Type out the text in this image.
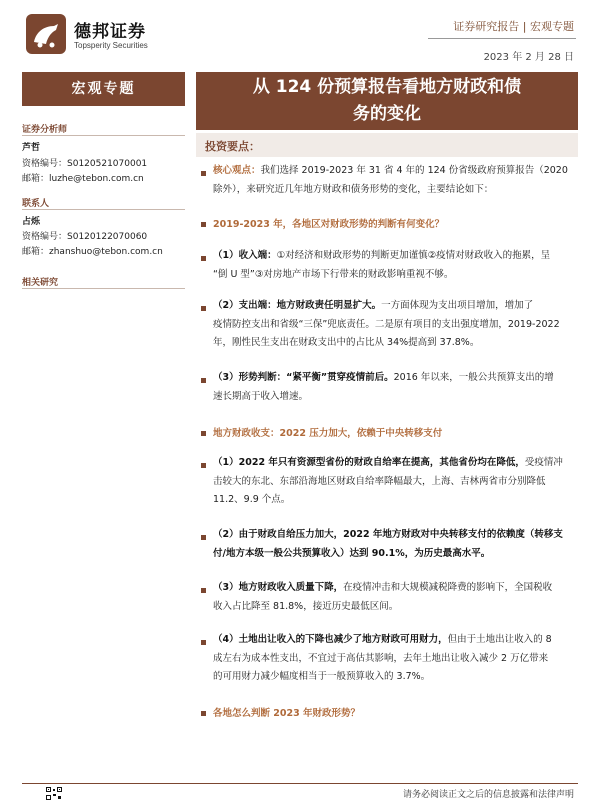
德邦证券
Topsperity Securities
证券研究报告 | 宏观专题
2023 年 2 月 28 日
宏观专题
证券分析师
芦哲
资格编号：S0120521070001
邮箱：luzhe@tebon.com.cn
联系人
占烁
资格编号：S0120122070060
邮箱：zhanshuo@tebon.com.cn
相关研究
从 124 份预算报告看地方财政和债
务的变化
投资要点：
核心观点：我们选择 2019-2023 年 31 省 4 年的 124 份省级政府预算报告（2020
除外），来研究近几年地方财政和债务形势的变化，主要结论如下：
2019-2023 年，各地区对财政形势的判断有何变化？
（1）收入端：①对经济和财政形势的判断更加谨慎②疫情对财政收入的拖累，呈
“倒 U 型”③对房地产市场下行带来的财政影响重视不够。
（2）支出端：地方财政责任明显扩大。一方面体现为支出项目增加，增加了
疫情防控支出和省级“三保”兜底责任。二是原有项目的支出强度增加，2019-2022
年，刚性民生支出在财政支出中的占比从 34%提高到 37.8%。
（3）形势判断：“紧平衡”贯穿疫情前后。2016 年以来，一般公共预算支出的增
速长期高于收入增速。
地方财政收支：2022 压力加大，依赖于中央转移支付
（1）2022 年只有资源型省份的财政自给率在提高，其他省份均在降低，受疫情冲
击较大的东北、东部沿海地区财政自给率降幅最大，上海、吉林两省市分别降低
11.2、9.9 个点。
（2）由于财政自给压力加大，2022 年地方财政对中央转移支付的依赖度（转移支
付/地方本级一般公共预算收入）达到 90.1%，为历史最高水平。
（3）地方财政收入质量下降，在疫情冲击和大规模减税降费的影响下，全国税收
收入占比降至 81.8%，接近历史最低区间。
（4）土地出让收入的下降也减少了地方财政可用财力，但由于土地出让收入的 8
成左右为成本性支出，不宜过于高估其影响，去年土地出让收入减少 2 万亿带来
的可用财力减少幅度相当于一般预算收入的 3.7%。
各地怎么判断 2023 年财政形势？
请务必阅读正文之后的信息披露和法律声明
